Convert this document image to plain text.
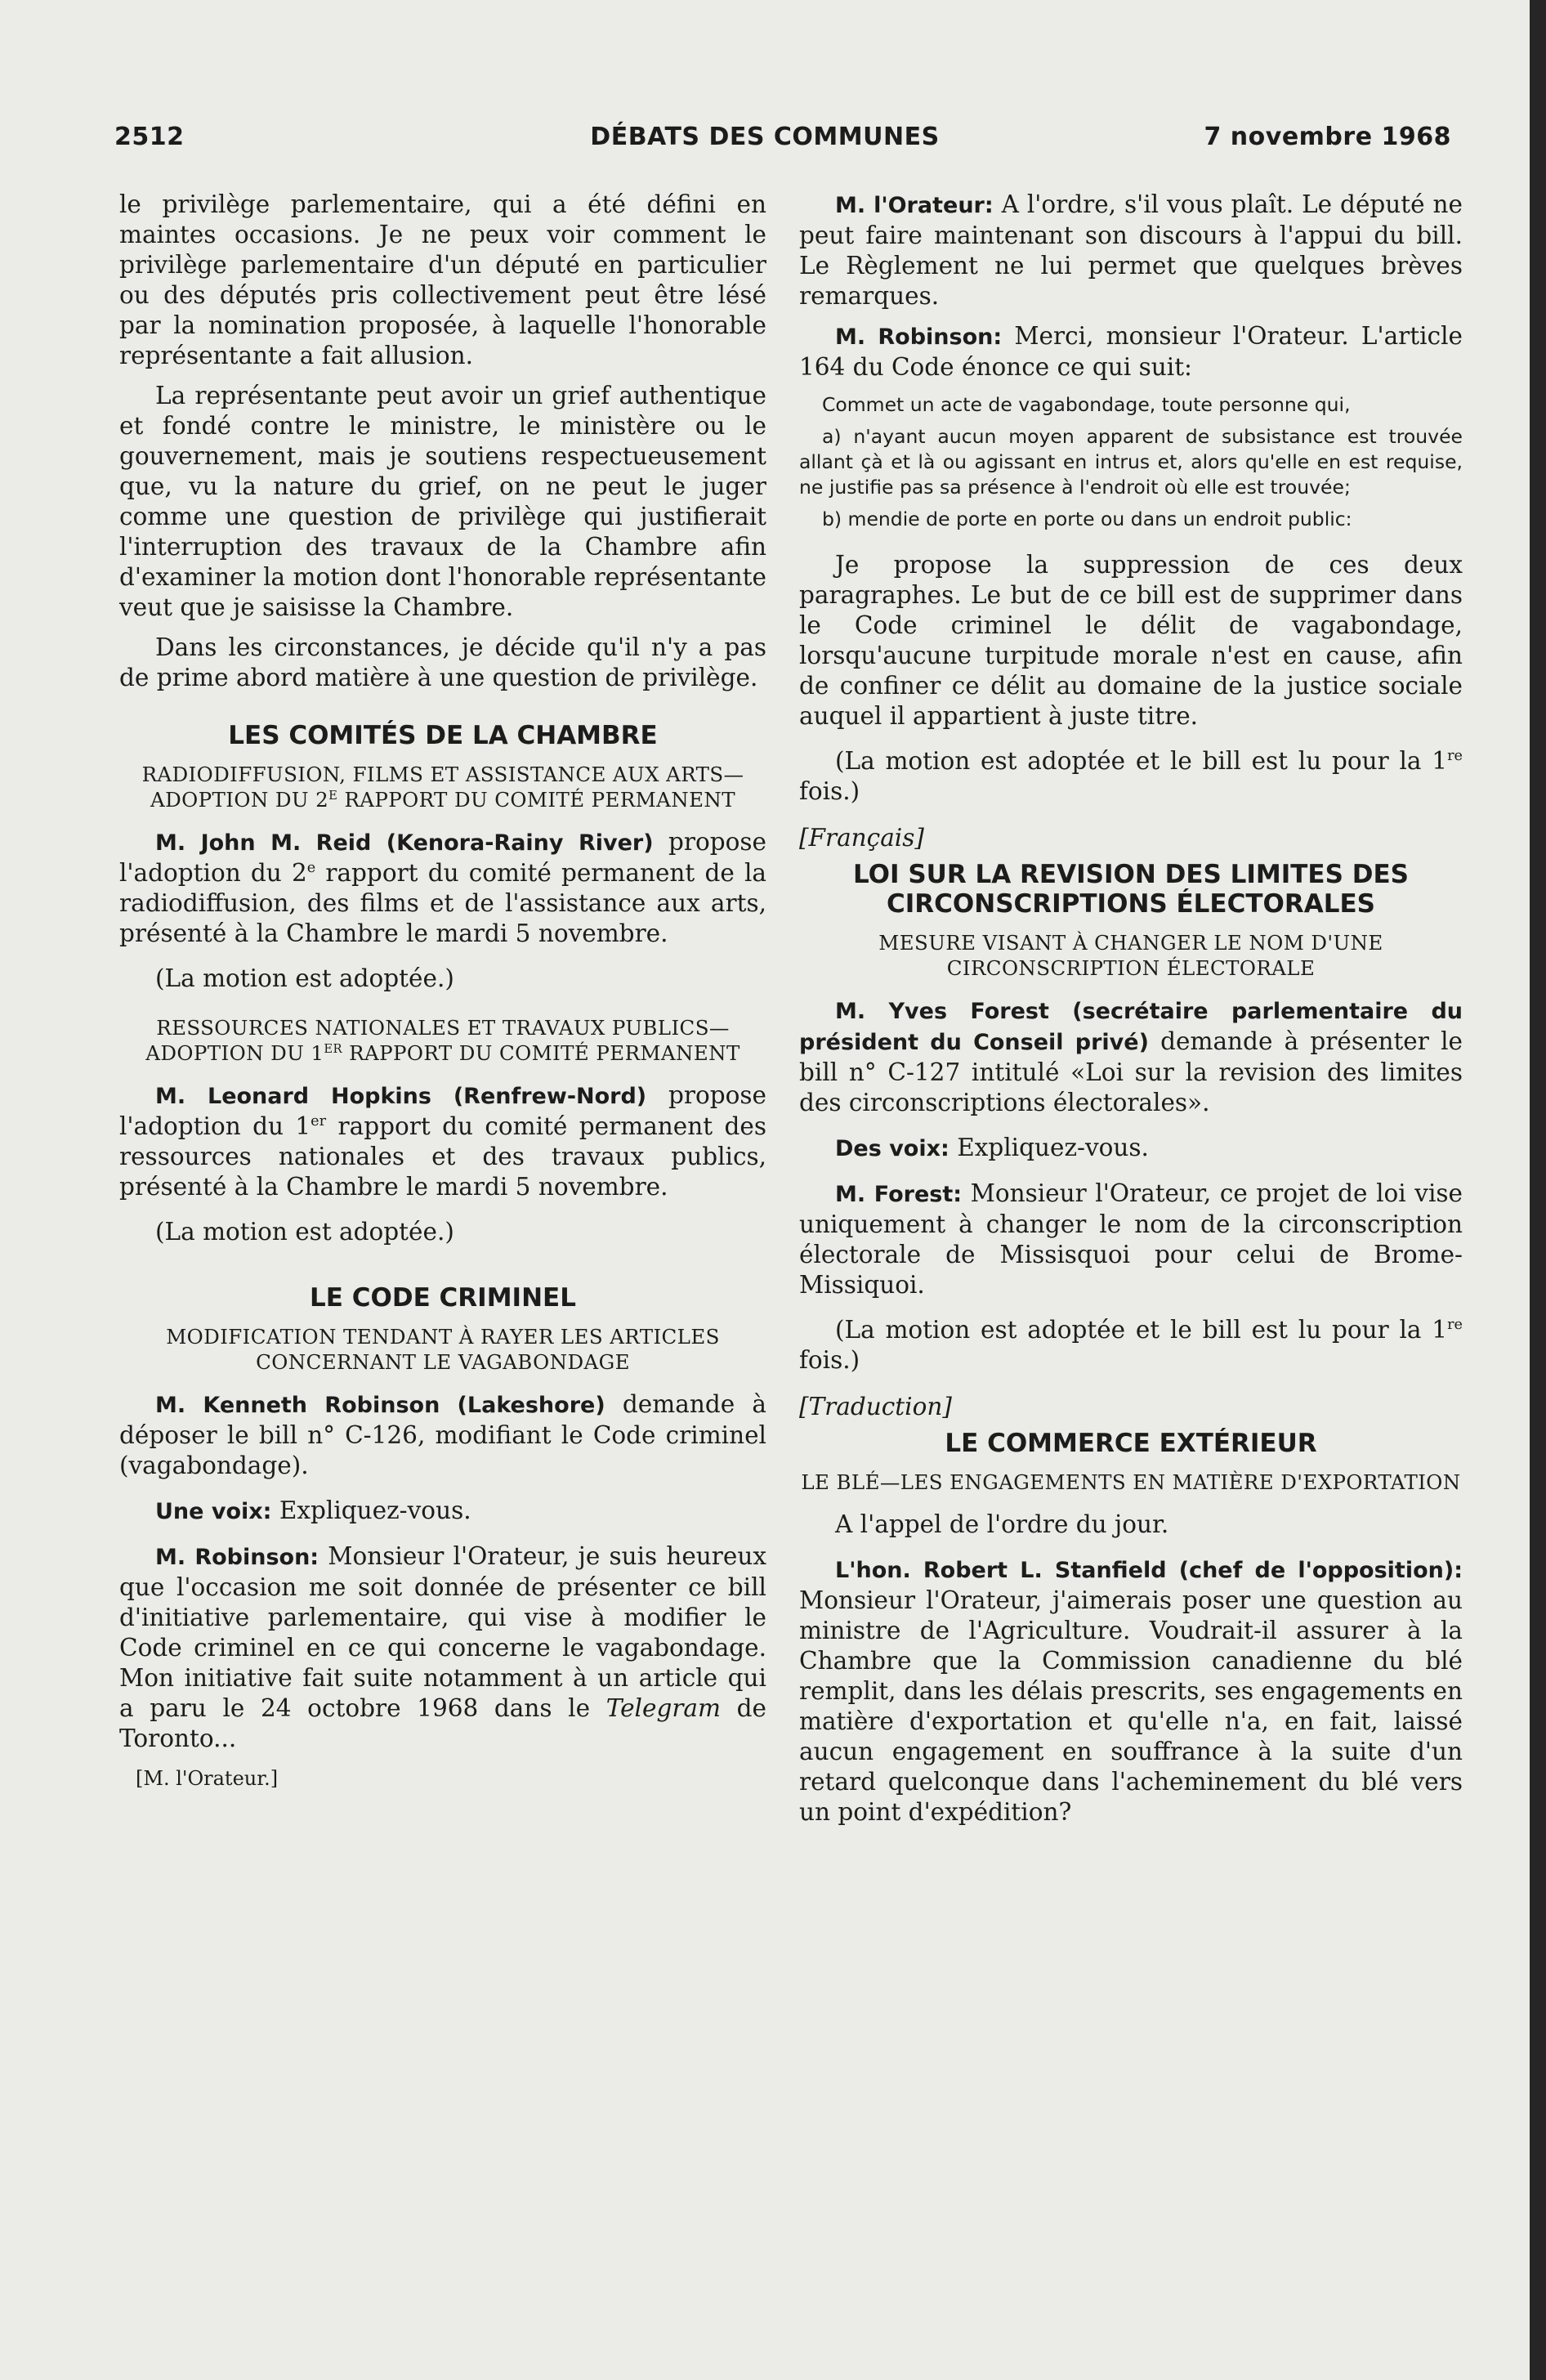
2512	DÉBATS DES COMMUNES	7 novembre 1968

le privilège parlementaire, qui a été défini en maintes occasions. Je ne peux voir comment le privilège parlementaire d'un député en particulier ou des députés pris collectivement peut être lésé par la nomination proposée, à laquelle l'honorable représentante a fait allusion.

La représentante peut avoir un grief authentique et fondé contre le ministre, le ministère ou le gouvernement, mais je soutiens respectueusement que, vu la nature du grief, on ne peut le juger comme une question de privilège qui justifierait l'interruption des travaux de la Chambre afin d'examiner la motion dont l'honorable représentante veut que je saisisse la Chambre.

Dans les circonstances, je décide qu'il n'y a pas de prime abord matière à une question de privilège.

LES COMITÉS DE LA CHAMBRE
RADIODIFFUSION, FILMS ET ASSISTANCE AUX ARTS—ADOPTION DU $2^E$ RAPPORT DU COMITÉ PERMANENT

M. John M. Reid (Kenora-Rainy River) propose l'adoption du 2e rapport du comité permanent de la radiodiffusion, des films et de l'assistance aux arts, présenté à la Chambre le mardi 5 novembre.

(La motion est adoptée.)

RESSOURCES NATIONALES ET TRAVAUX PUBLICS—ADOPTION DU 1ER RAPPORT DU COMITÉ PERMANENT

M. Leonard Hopkins (Renfrew-Nord) propose l'adoption du 1er rapport du comité permanent des ressources nationales et des travaux publics, présenté à la Chambre le mardi 5 novembre.

(La motion est adoptée.)

LE CODE CRIMINEL
MODIFICATION TENDANT À RAYER LES ARTICLES CONCERNANT LE VAGABONDAGE

M. Kenneth Robinson (Lakeshore) demande à déposer le bill n° C-126, modifiant le Code criminel (vagabondage).

Une voix: Expliquez-vous.

M. Robinson: Monsieur l'Orateur, je suis heureux que l'occasion me soit donnée de présenter ce bill d'initiative parlementaire, qui vise à modifier le Code criminel en ce qui concerne le vagabondage. Mon initiative fait suite notamment à un article qui a paru le 24 octobre 1968 dans le Telegram de Toronto...

[M. l'Orateur.]

M. l'Orateur: A l'ordre, s'il vous plaît. Le député ne peut faire maintenant son discours à l'appui du bill. Le Règlement ne lui permet que quelques brèves remarques.

M. Robinson: Merci, monsieur l'Orateur. L'article 164 du Code énonce ce qui suit:

Commet un acte de vagabondage, toute personne qui,

a) n'ayant aucun moyen apparent de subsistance est trouvée allant çà et là ou agissant en intrus et, alors qu'elle en est requise, ne justifie pas sa présence à l'endroit où elle est trouvée;

b) mendie de porte en porte ou dans un endroit public:

Je propose la suppression de ces deux paragraphes. Le but de ce bill est de supprimer dans le Code criminel le délit de vagabondage, lorsqu'aucune turpitude morale n'est en cause, afin de confiner ce délit au domaine de la justice sociale auquel il appartient à juste titre.

(La motion est adoptée et le bill est lu pour la 1re fois.)

[Français]

LOI SUR LA REVISION DES LIMITES DES CIRCONSCRIPTIONS ÉLECTORALES
MESURE VISANT À CHANGER LE NOM D'UNE CIRCONSCRIPTION ÉLECTORALE

M. Yves Forest (secrétaire parlementaire du président du Conseil privé) demande à présenter le bill n° C-127 intitulé «Loi sur la revision des limites des circonscriptions électorales».

Des voix: Expliquez-vous.

M. Forest: Monsieur l'Orateur, ce projet de loi vise uniquement à changer le nom de la circonscription électorale de Missisquoi pour celui de Brome-Missiquoi.

(La motion est adoptée et le bill est lu pour la 1re fois.)

[Traduction]

LE COMMERCE EXTÉRIEUR
LE BLÉ—LES ENGAGEMENTS EN MATIÈRE D'EXPORTATION

A l'appel de l'ordre du jour.

L'hon. Robert L. Stanfield (chef de l'opposition): Monsieur l'Orateur, j'aimerais poser une question au ministre de l'Agriculture. Voudrait-il assurer à la Chambre que la Commission canadienne du blé remplit, dans les délais prescrits, ses engagements en matière d'exportation et qu'elle n'a, en fait, laissé aucun engagement en souffrance à la suite d'un retard quelconque dans l'acheminement du blé vers un point d'expédition?
